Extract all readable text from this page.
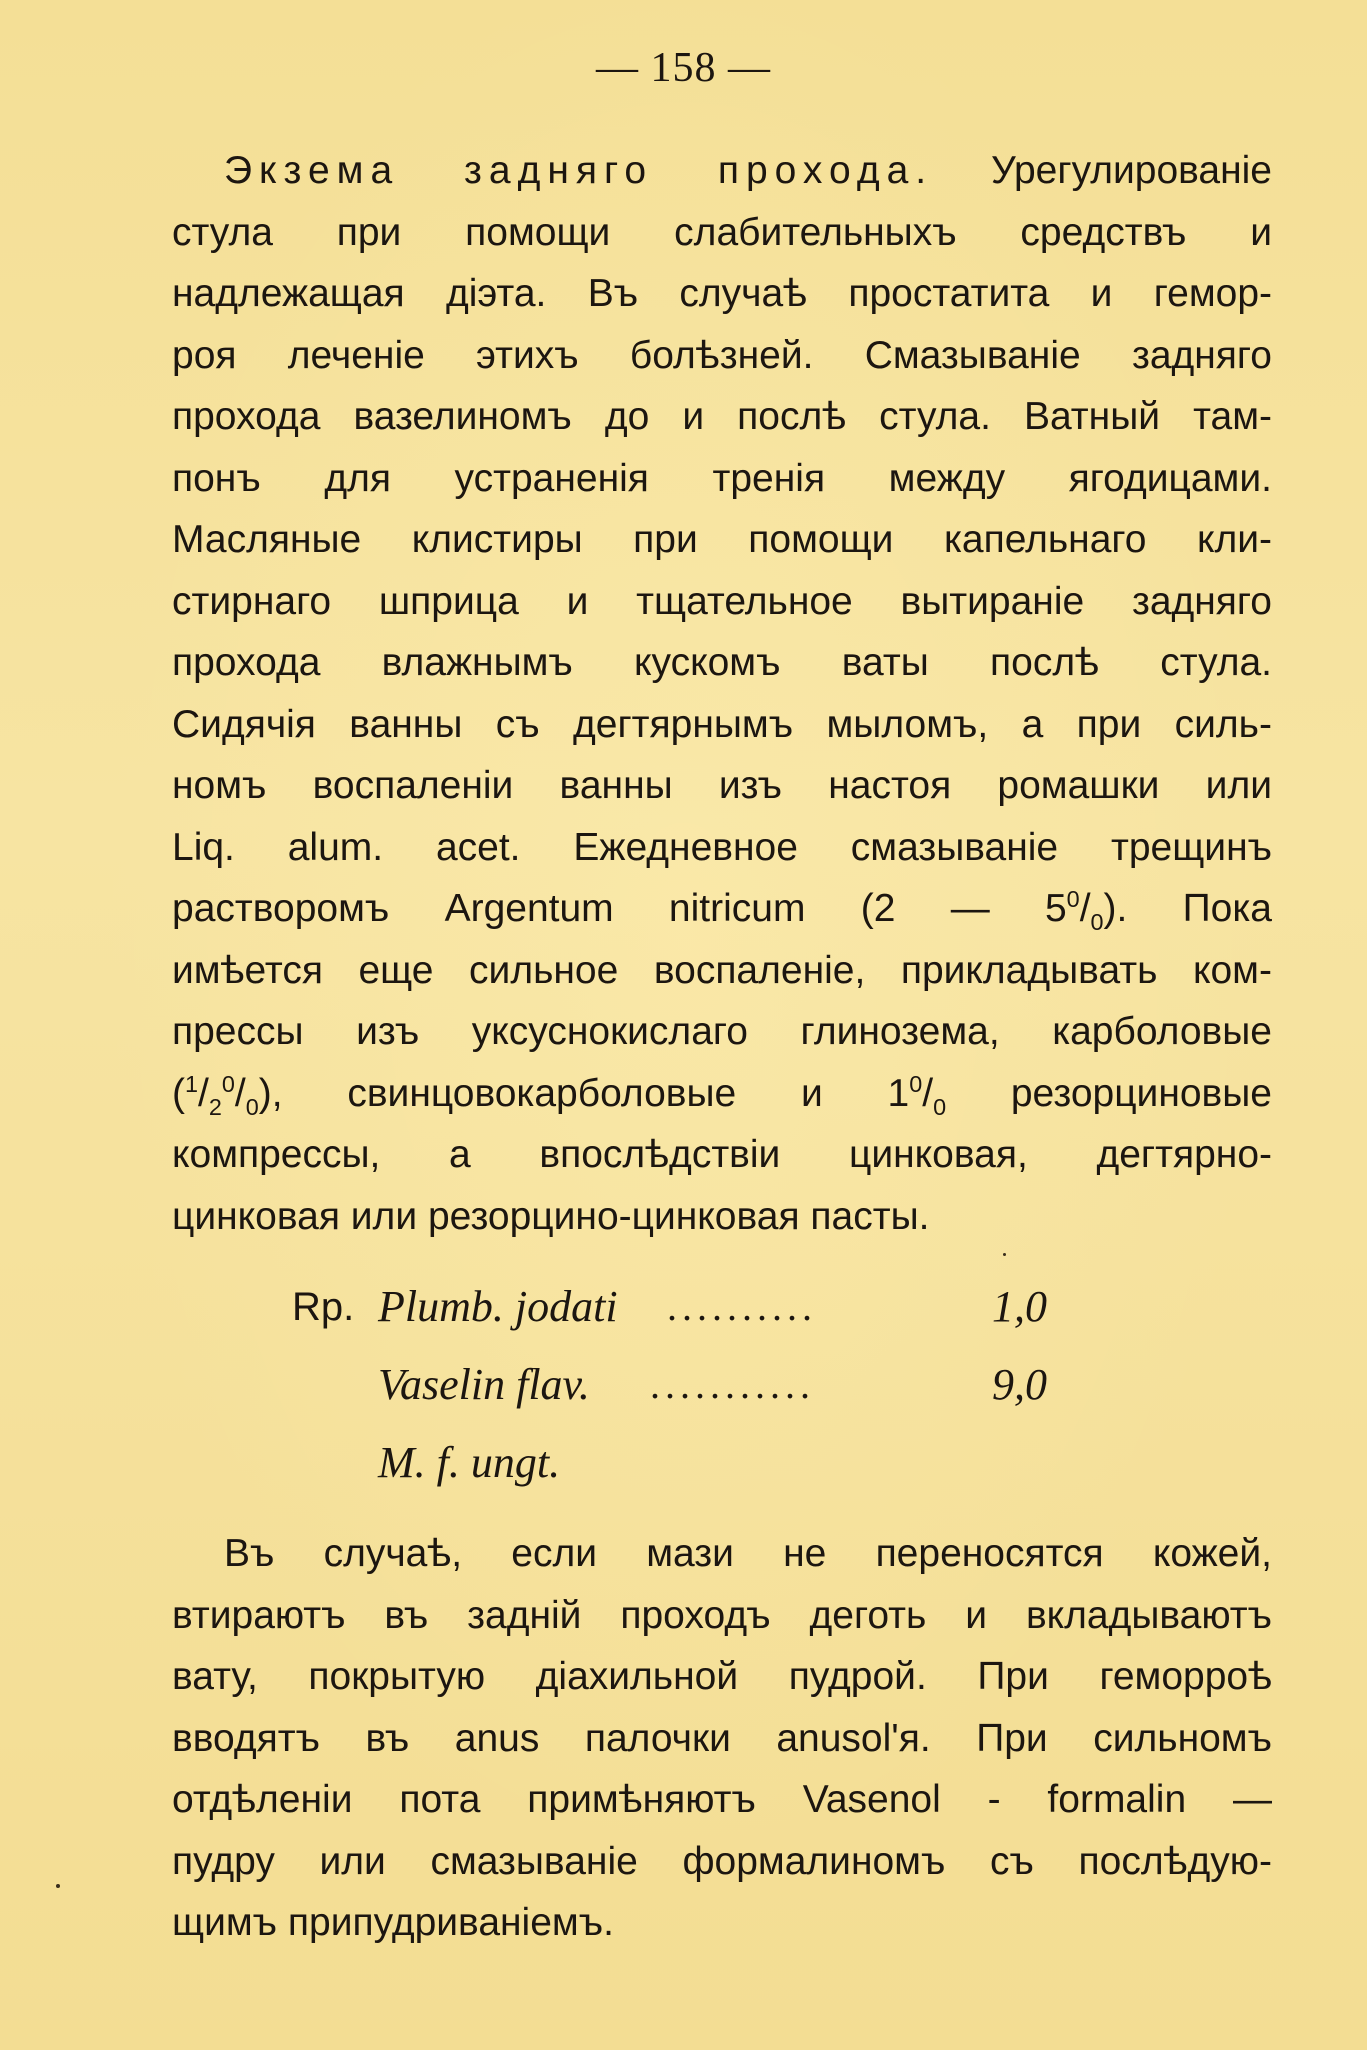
— 158 —
Экзема задняго прохода. Урегулированіе
стула при помощи слабительныхъ средствъ и
надлежащая діэта. Въ случаѣ простатита и гемор-
роя леченіе этихъ болѣзней. Смазываніе задняго
прохода вазелиномъ до и послѣ стула. Ватный там-
понъ для устраненія тренія между ягодицами.
Масляные клистиры при помощи капельнаго кли-
стирнаго шприца и тщательное вытираніе задняго
прохода влажнымъ кускомъ ваты послѣ стула.
Сидячія ванны съ дегтярнымъ мыломъ, а при силь-
номъ воспаленіи ванны изъ настоя ромашки или
Liq. alum. acet. Ежедневное смазываніе трещинъ
растворомъ Argentum nitricum (2 — $5^0/_0$). Пока
имѣется еще сильное воспаленіе, прикладывать ком-
прессы изъ уксуснокислаго глинозема, карболовые
$(^1/_2^0/_0)$, свинцовокарболовые и $1^0/_0$ резорциновые
компрессы, а впослѣдствіи цинковая, дегтярно-
цинковая или резорцино-цинковая пасты.
Rp. Plumb. jodati ..........	1,0
Vaselin flav. ...........	9,0
M. f. ungt.
Въ случаѣ, если мази не переносятся кожей,
втираютъ въ задній проходъ деготь и вкладываютъ
вату, покрытую діахильной пудрой. При геморроѣ
вводятъ въ anus палочки anusol'я. При сильномъ
отдѣленіи пота примѣняютъ Vasenol - formalin —
пудру или смазываніе формалиномъ съ послѣдую-
щимъ припудриваніемъ.
